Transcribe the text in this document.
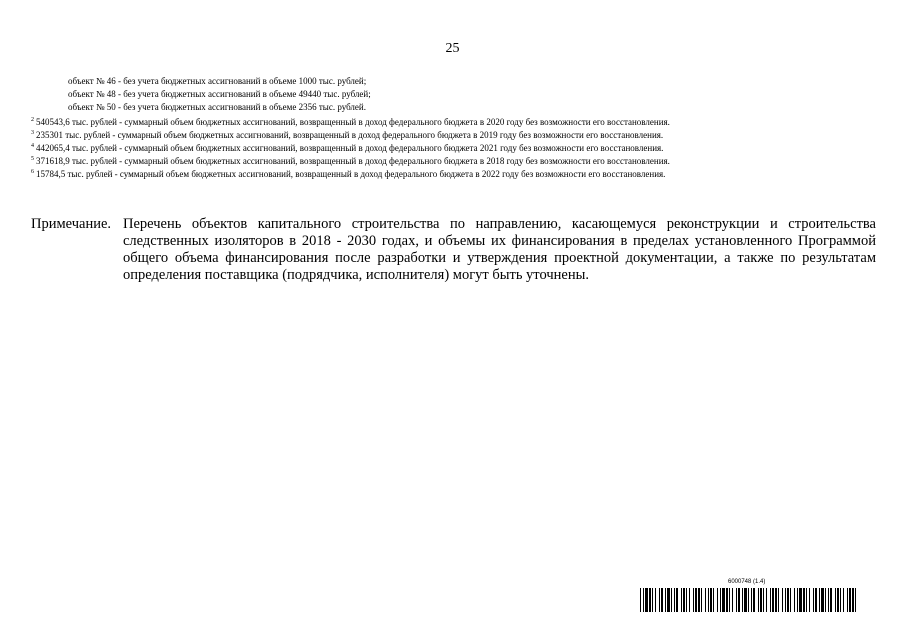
25
объект № 46 - без учета бюджетных ассигнований в объеме 1000 тыс. рублей;
объект № 48 - без учета бюджетных ассигнований в объеме 49440 тыс. рублей;
объект № 50 - без учета бюджетных ассигнований в объеме 2356 тыс. рублей.
$^2$ 540543,6 тыс. рублей - суммарный объем бюджетных ассигнований, возвращенный в доход федерального бюджета в 2020 году без возможности его восстановления.
$^3$ 235301 тыс. рублей - суммарный объем бюджетных ассигнований, возвращенный в доход федерального бюджета в 2019 году без возможности его восстановления.
$^4$ 442065,4 тыс. рублей - суммарный объем бюджетных ассигнований, возвращенный в доход федерального бюджета 2021 году без возможности его восстановления.
$^5$ 371618,9 тыс. рублей - суммарный объем бюджетных ассигнований, возвращенный в доход федерального бюджета в 2018 году без возможности его восстановления.
$^6$ 15784,5 тыс. рублей - суммарный объем бюджетных ассигнований, возвращенный в доход федерального бюджета в 2022 году без возможности его восстановления.
Примечание. Перечень объектов капитального строительства по направлению, касающемуся реконструкции и строительства следственных изоляторов в 2018 - 2030 годах, и объемы их финансирования в пределах установленного Программой общего объема финансирования после разработки и утверждения проектной документации, а также по результатам определения поставщика (подрядчика, исполнителя) могут быть уточнены.
6000748 (1.4)
